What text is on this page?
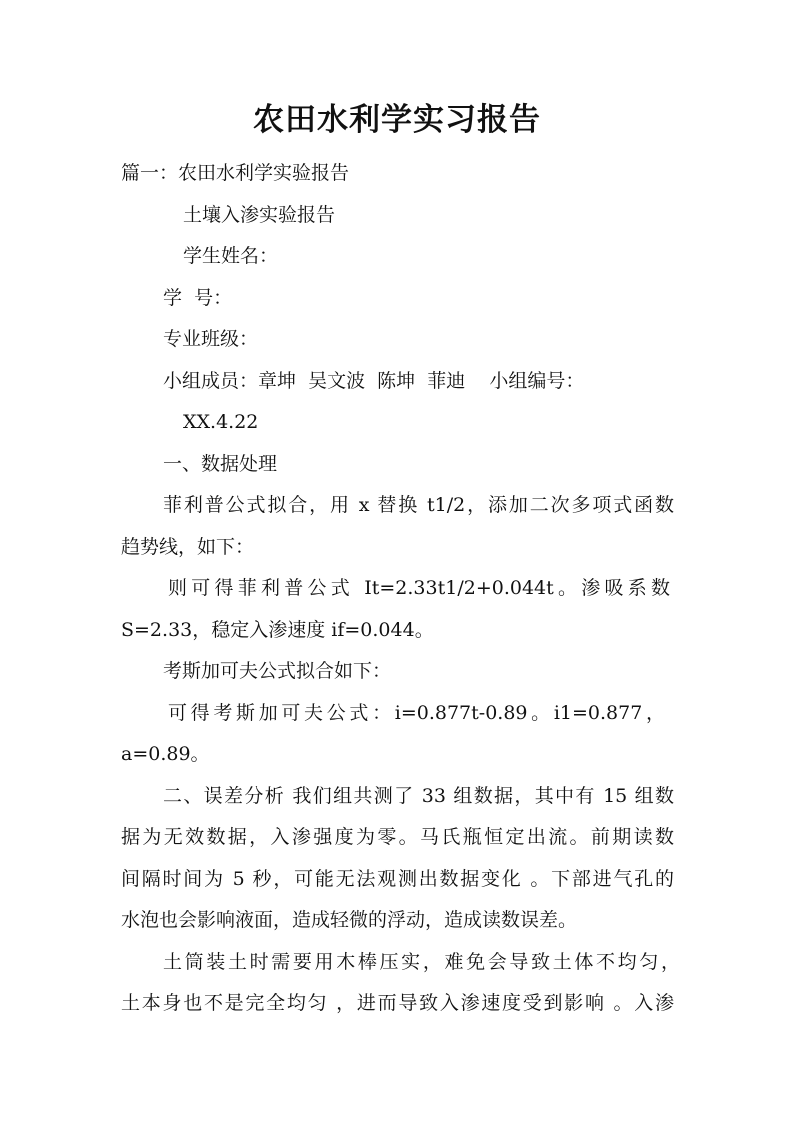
农田水利学实习报告
篇一：农田水利学实验报告
土壤入渗实验报告
学生姓名：
学  号：
专业班级：
小组成员：章坤  吴文波  陈坤  菲迪    小组编号：
XX.4.22
一、数据处理
菲利普公式拟合，用 x 替换 t1/2，添加二次多项式函数
趋势线，如下：
则可得菲利普公式 It=2.33t1/2+0.044t。渗吸系数
S=2.33，稳定入渗速度 if=0.044。
考斯加可夫公式拟合如下：
可得考斯加可夫公式：i=0.877t-0.89。i1=0.877，
a=0.89。
二、误差分析 我们组共测了 33 组数据，其中有 15 组数
据为无效数据，入渗强度为零。马氏瓶恒定出流。前期读数
间隔时间为 5 秒，可能无法观测出数据变化 。下部进气孔的
水泡也会影响液面，造成轻微的浮动，造成读数误差。
土筒装土时需要用木棒压实，难免会导致土体不均匀，
土本身也不是完全均匀 ，进而导致入渗速度受到影响 。入渗
